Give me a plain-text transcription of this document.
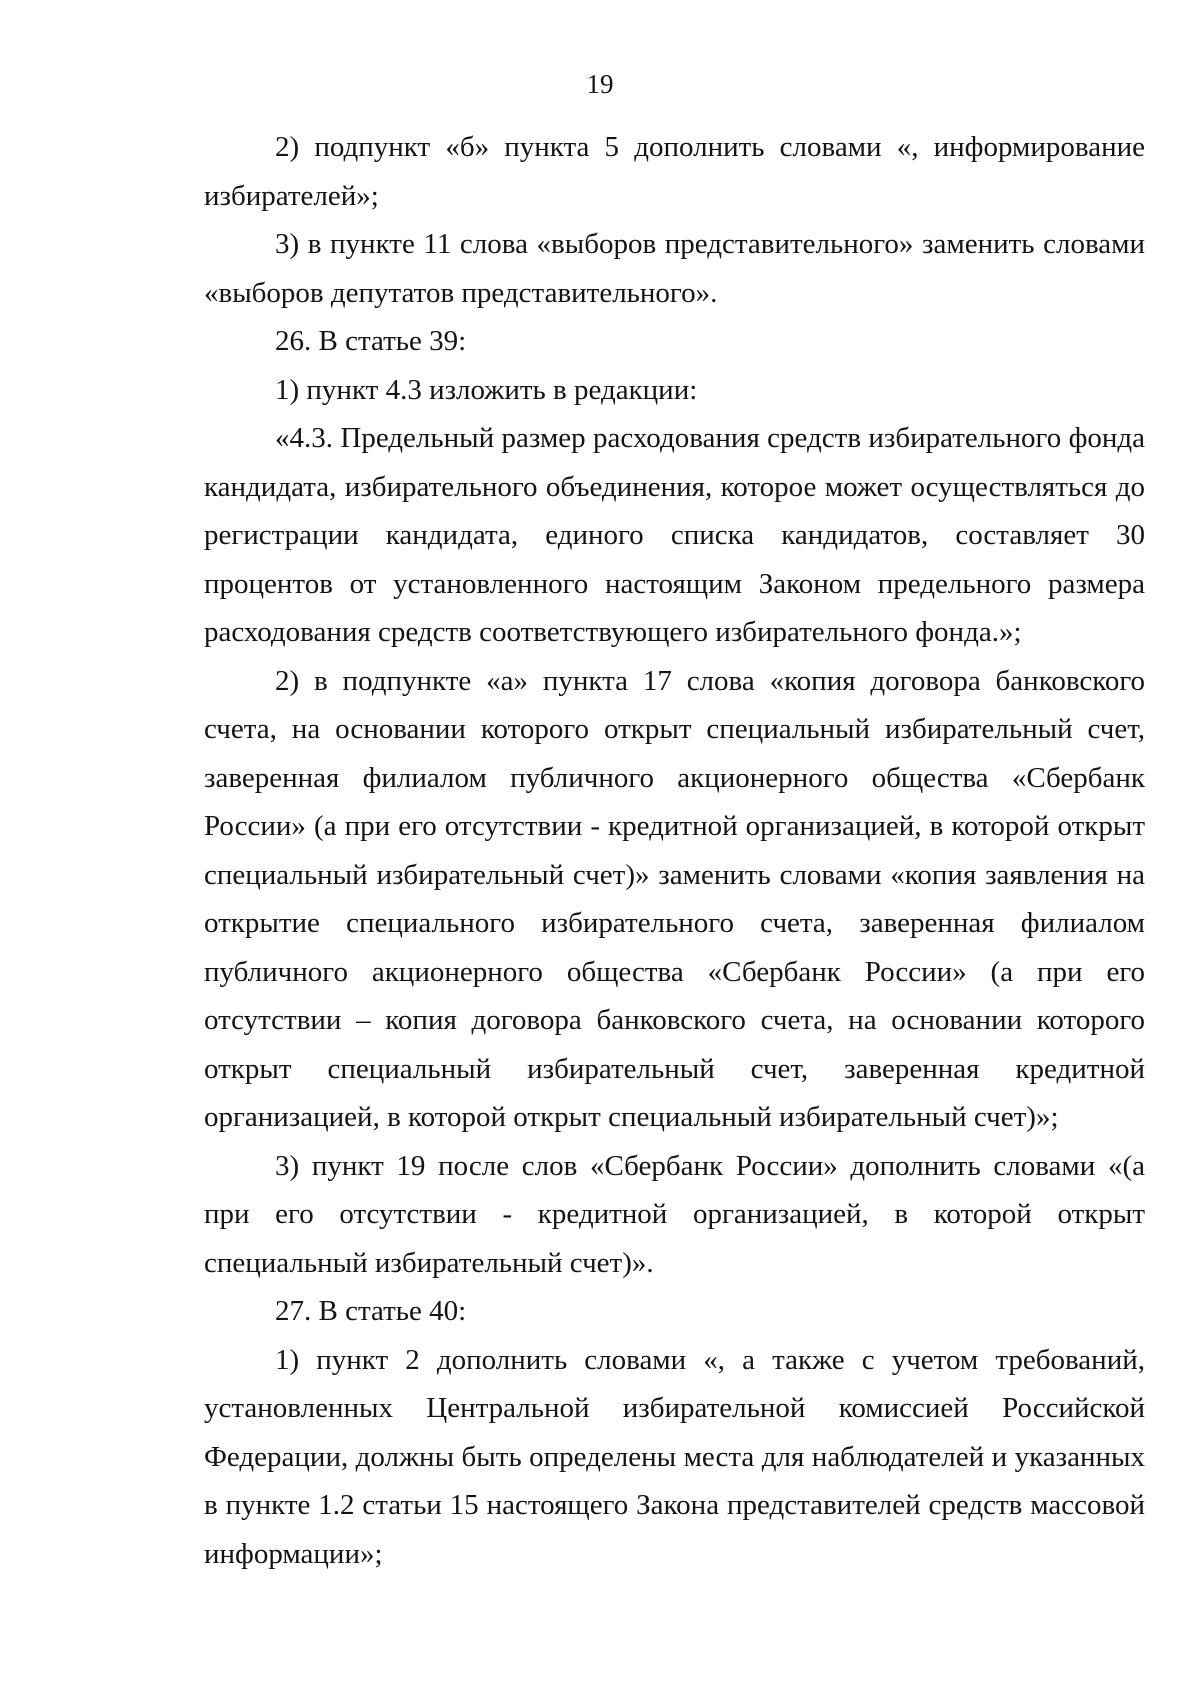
19

2) подпункт «б» пункта 5 дополнить словами «, информирование избирателей»;

3) в пункте 11 слова «выборов представительного» заменить словами «выборов депутатов представительного».

26. В статье 39:

1) пункт 4.3 изложить в редакции:

«4.3. Предельный размер расходования средств избирательного фонда кандидата, избирательного объединения, которое может осуществляться до регистрации кандидата, единого списка кандидатов, составляет 30 процентов от установленного настоящим Законом предельного размера расходования средств соответствующего избирательного фонда.»;

2) в подпункте «а» пункта 17 слова «копия договора банковского счета, на основании которого открыт специальный избирательный счет, заверенная филиалом публичного акционерного общества «Сбербанк России» (а при его отсутствии - кредитной организацией, в которой открыт специальный избирательный счет)» заменить словами «копия заявления на открытие специального избирательного счета, заверенная филиалом публичного акционерного общества «Сбербанк России» (а при его отсутствии – копия договора банковского счета, на основании которого открыт специальный избирательный счет, заверенная кредитной организацией, в которой открыт специальный избирательный счет)»;

3) пункт 19 после слов «Сбербанк России» дополнить словами «(а при его отсутствии - кредитной организацией, в которой открыт специальный избирательный счет)».

27. В статье 40:

1) пункт 2 дополнить словами «, а также с учетом требований, установленных Центральной избирательной комиссией Российской Федерации, должны быть определены места для наблюдателей и указанных в пункте 1.2 статьи 15 настоящего Закона представителей средств массовой информации»;
